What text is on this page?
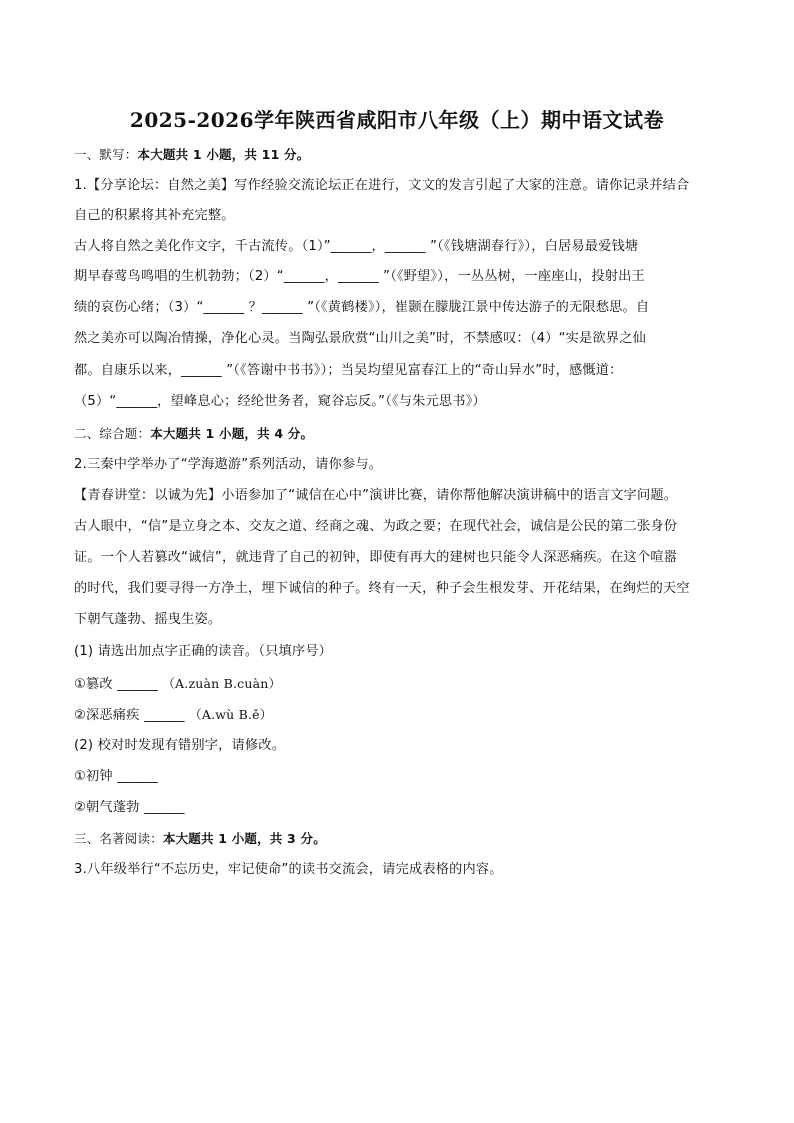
2025-2026学年陕西省咸阳市八年级（上）期中语文试卷
一、默写：本大题共 1 小题，共 11 分。
1.【分享论坛：自然之美】写作经验交流论坛正在进行，文文的发言引起了大家的注意。请你记录并结合
自己的积累将其补充完整。
古人将自然之美化作文字，千古流传。（1）”______，______ ”（《钱塘湖春行》），白居易最爱钱塘
期早春莺鸟鸣唱的生机勃勃；（2）“______，______ ”（《野望》），一丛丛树，一座座山，投射出王
绩的哀伤心绪；（3）“______ ？______ ”（《黄鹤楼》），崔颢在朦胧江景中传达游子的无限愁思。自
然之美亦可以陶冶情操，净化心灵。当陶弘景欣赏“山川之美”时，不禁感叹：（4）“实是欲界之仙
都。自康乐以来，______ ”（《答谢中书书》）；当吴均望见富春江上的“奇山异水”时，感慨道：
（5）“______，望峰息心；经纶世务者，窥谷忘反。”（《与朱元思书》）
二、综合题：本大题共 1 小题，共 4 分。
2.三秦中学举办了“学海遨游”系列活动，请你参与。
【青春讲堂：以诚为先】小语参加了“诚信在心中”演讲比赛，请你帮他解决演讲稿中的语言文字问题。
古人眼中，“信”是立身之本、交友之道、经商之魂、为政之要；在现代社会，诚信是公民的第二张身份
证。一个人若篡改“诚信”，就违背了自己的初钟，即使有再大的建树也只能令人深恶痛疾。在这个喧嚣
的时代，我们要寻得一方净土，埋下诚信的种子。终有一天，种子会生根发芽、开花结果，在绚烂的天空
下朝气蓬勃、摇曳生姿。
(1) 请选出加点字正确的读音。（只填序号）
①篡改 ______ （A.zuàn B.cuàn）
②深恶痛疾 ______ （A.wù B.ě）
(2) 校对时发现有错别字，请修改。
①初钟 ______
②朝气蓬勃 ______
三、名著阅读：本大题共 1 小题，共 3 分。
3.八年级举行“不忘历史，牢记使命”的读书交流会，请完成表格的内容。
